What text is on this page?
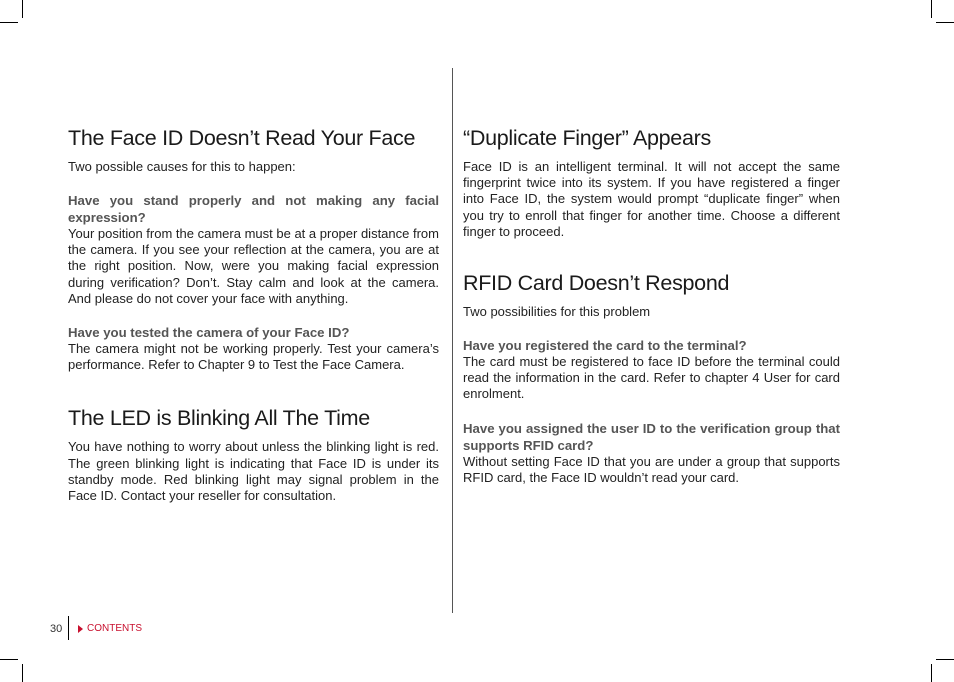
The Face ID Doesn’t Read Your Face

Two possible causes for this to happen:

Have you stand properly and not making any facial expression?

Your position from the camera must be at a proper distance from the camera. If you see your reflection at the camera, you are at the right position. Now, were you making facial expression during verification? Don’t. Stay calm and look at the camera. And please do not cover your face with anything.

Have you tested the camera of your Face ID?

The camera might not be working properly. Test your camera’s performance. Refer to Chapter 9 to Test the Face Camera.

The LED is Blinking All The Time

You have nothing to worry about unless the blinking light is red. The green blinking light is indicating that Face ID is under its standby mode. Red blinking light may signal problem in the Face ID. Contact your reseller for consultation.

“Duplicate Finger” Appears

Face ID is an intelligent terminal. It will not accept the same fingerprint twice into its system. If you have registered a finger into Face ID, the system would prompt “duplicate finger” when you try to enroll that finger for another time. Choose a different finger to proceed.

RFID Card Doesn’t Respond

Two possibilities for this problem

Have you registered the card to the terminal?

The card must be registered to face ID before the terminal could read the information in the card. Refer to chapter 4 User for card enrolment.

Have you assigned the user ID to the verification group that supports RFID card?

Without setting Face ID that you are under a group that supports RFID card, the Face ID wouldn’t read your card.

30 CONTENTS
